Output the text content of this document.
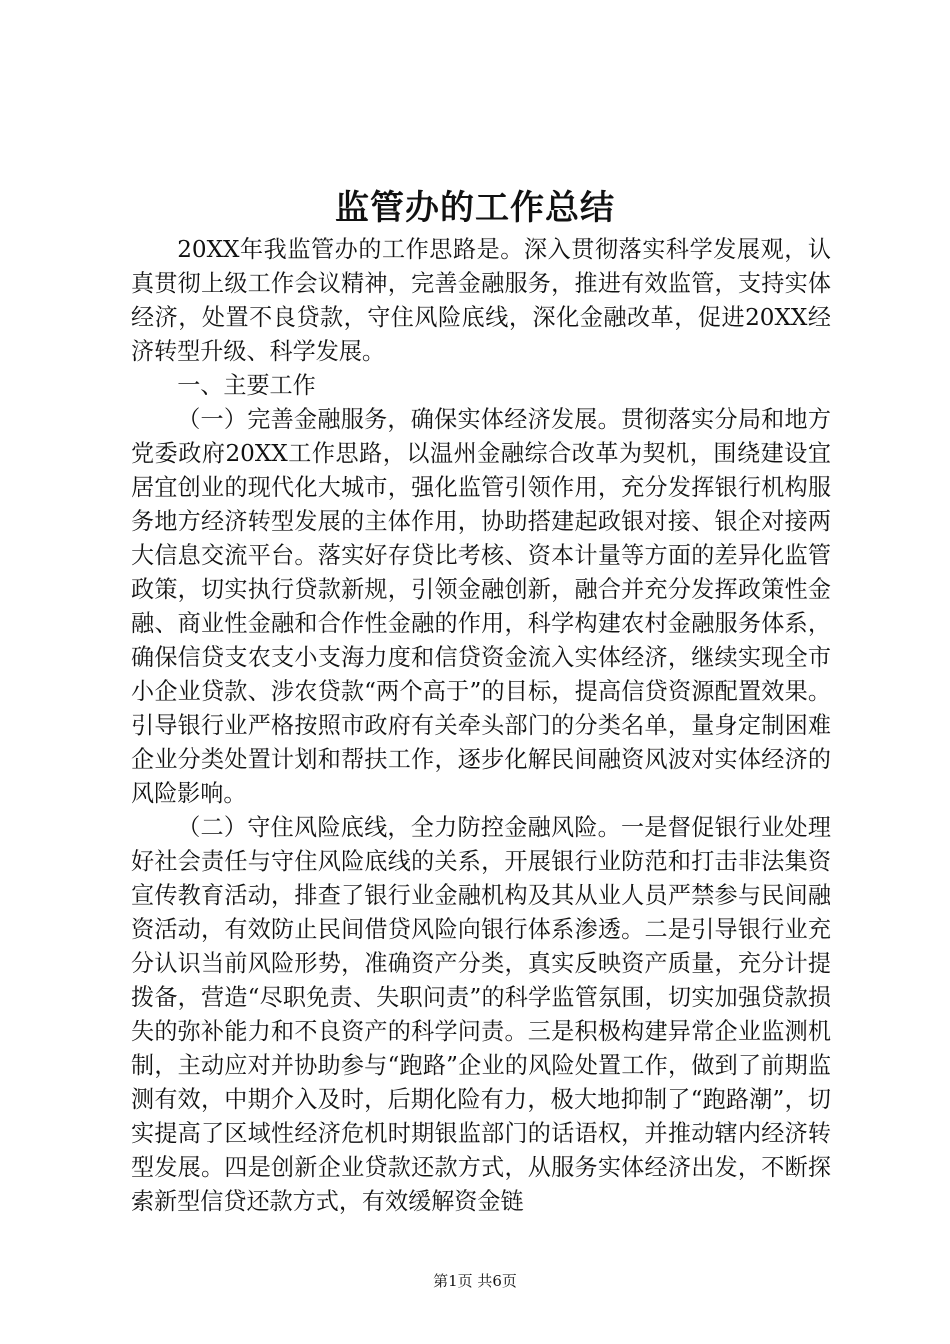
监管办的工作总结

20XX年我监管办的工作思路是。深入贯彻落实科学发展观，认真贯彻上级工作会议精神，完善金融服务，推进有效监管，支持实体经济，处置不良贷款，守住风险底线，深化金融改革，促进20XX经济转型升级、科学发展。

一、主要工作

（一）完善金融服务，确保实体经济发展。贯彻落实分局和地方党委政府20XX工作思路，以温州金融综合改革为契机，围绕建设宜居宜创业的现代化大城市，强化监管引领作用，充分发挥银行机构服务地方经济转型发展的主体作用，协助搭建起政银对接、银企对接两大信息交流平台。落实好存贷比考核、资本计量等方面的差异化监管政策，切实执行贷款新规，引领金融创新，融合并充分发挥政策性金融、商业性金融和合作性金融的作用，科学构建农村金融服务体系，确保信贷支农支小支海力度和信贷资金流入实体经济，继续实现全市小企业贷款、涉农贷款“两个高于”的目标，提高信贷资源配置效果。引导银行业严格按照市政府有关牵头部门的分类名单，量身定制困难企业分类处置计划和帮扶工作，逐步化解民间融资风波对实体经济的风险影响。

（二）守住风险底线，全力防控金融风险。一是督促银行业处理好社会责任与守住风险底线的关系，开展银行业防范和打击非法集资宣传教育活动，排查了银行业金融机构及其从业人员严禁参与民间融资活动，有效防止民间借贷风险向银行体系渗透。二是引导银行业充分认识当前风险形势，准确资产分类，真实反映资产质量，充分计提拨备，营造“尽职免责、失职问责”的科学监管氛围，切实加强贷款损失的弥补能力和不良资产的科学问责。三是积极构建异常企业监测机制，主动应对并协助参与“跑路”企业的风险处置工作，做到了前期监测有效，中期介入及时，后期化险有力，极大地抑制了“跑路潮”，切实提高了区域性经济危机时期银监部门的话语权，并推动辖内经济转型发展。四是创新企业贷款还款方式，从服务实体经济出发，不断探索新型信贷还款方式，有效缓解资金链

第1页 共6页
